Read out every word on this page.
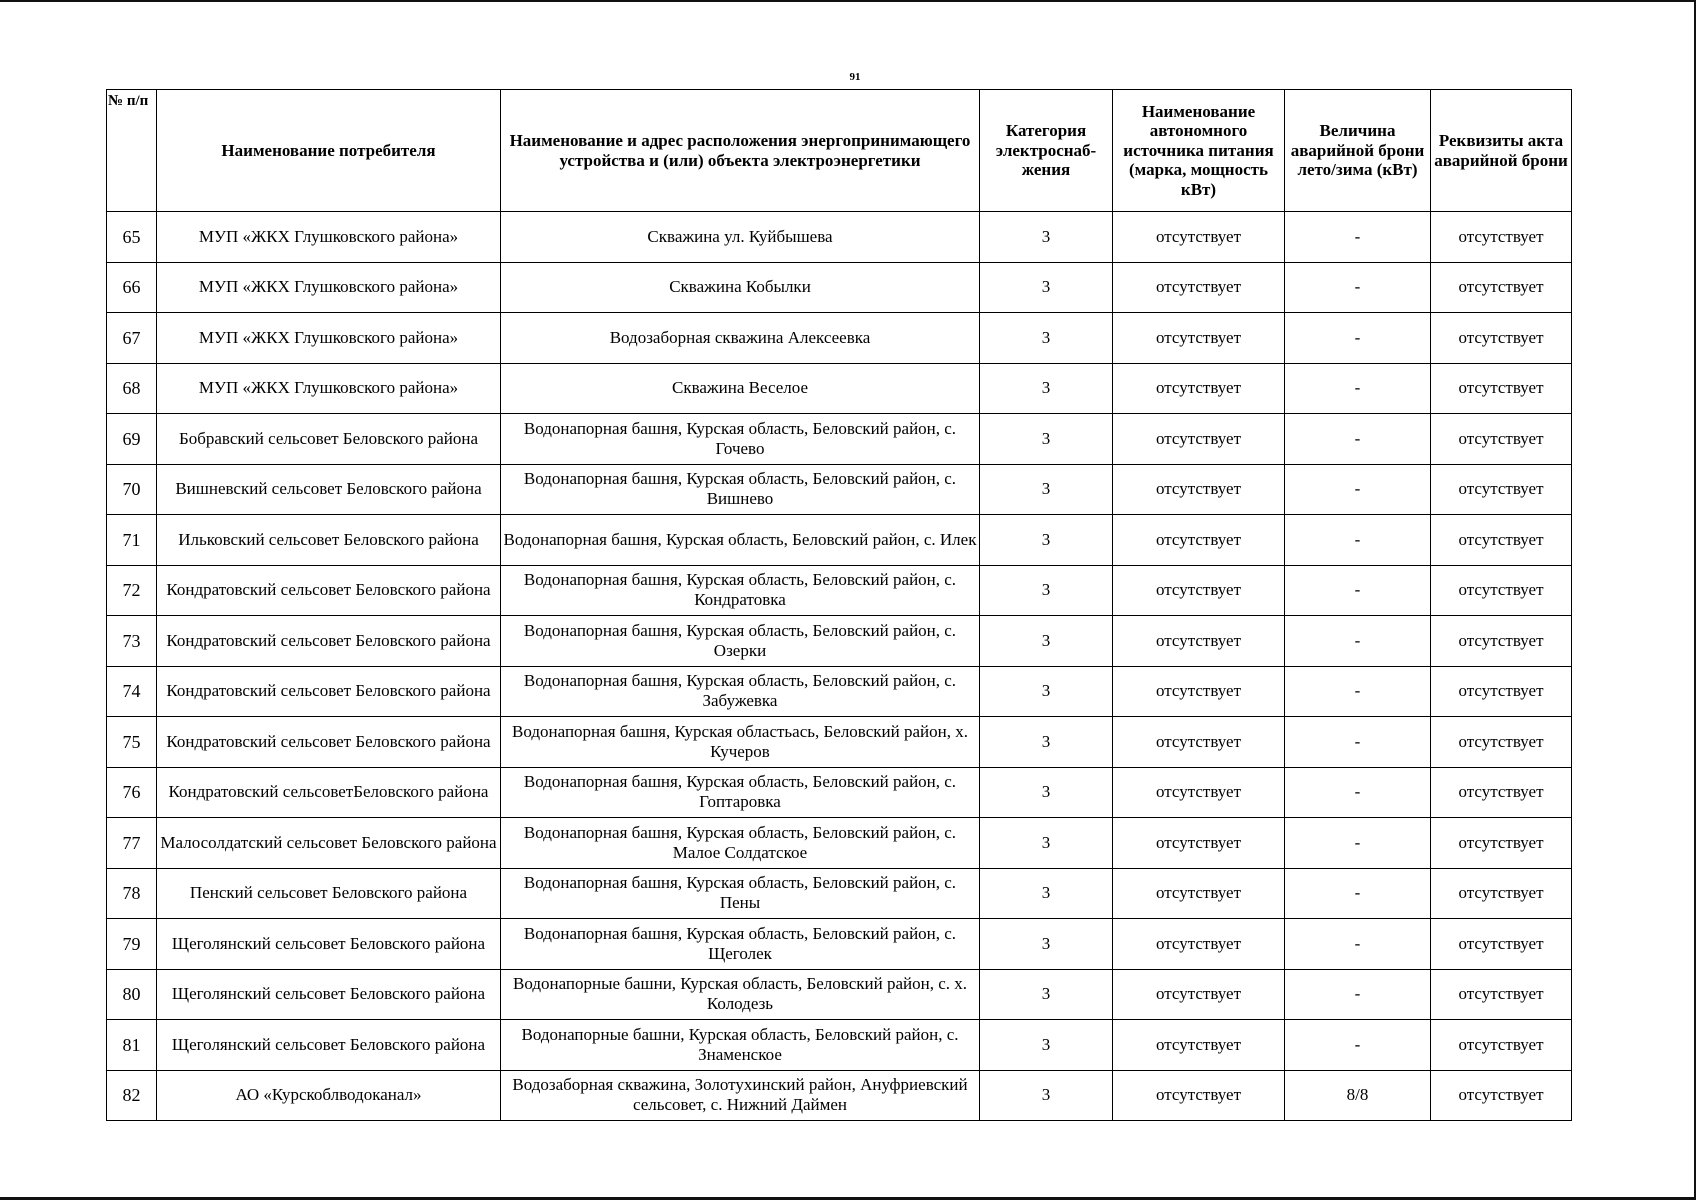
91
№ п/п	Наименование потребителя	Наименование и адрес расположения энергопринимающего устройства и (или) объекта электроэнергетики	Категория электроснаб-жения	Наименование автономного источника питания (марка, мощность кВт)	Величина аварийной брони лето/зима (кВт)	Реквизиты акта аварийной брони
65	МУП «ЖКХ Глушковского района»	Скважина ул. Куйбышева	3	отсутствует	-	отсутствует
66	МУП «ЖКХ Глушковского района»	Скважина Кобылки	3	отсутствует	-	отсутствует
67	МУП «ЖКХ Глушковского района»	Водозаборная скважина Алексеевка	3	отсутствует	-	отсутствует
68	МУП «ЖКХ Глушковского района»	Скважина Веселое	3	отсутствует	-	отсутствует
69	Бобравский сельсовет Беловского района	Водонапорная башня, Курская область, Беловский район, с. Гочево	3	отсутствует	-	отсутствует
70	Вишневский сельсовет Беловского района	Водонапорная башня, Курская область, Беловский район, с. Вишнево	3	отсутствует	-	отсутствует
71	Ильковский сельсовет Беловского района	Водонапорная башня, Курская область, Беловский район, с. Илек	3	отсутствует	-	отсутствует
72	Кондратовский сельсовет Беловского района	Водонапорная башня, Курская область, Беловский район, с. Кондратовка	3	отсутствует	-	отсутствует
73	Кондратовский сельсовет Беловского района	Водонапорная башня, Курская область, Беловский район, с. Озерки	3	отсутствует	-	отсутствует
74	Кондратовский сельсовет Беловского района	Водонапорная башня, Курская область, Беловский район, с. Забужевка	3	отсутствует	-	отсутствует
75	Кондратовский сельсовет Беловского района	Водонапорная башня, Курская областьась, Беловский район, х. Кучеров	3	отсутствует	-	отсутствует
76	Кондратовский сельсоветБеловского района	Водонапорная башня, Курская область, Беловский район, с. Гоптаровка	3	отсутствует	-	отсутствует
77	Малосолдатский сельсовет Беловского района	Водонапорная башня, Курская область, Беловский район, с. Малое Солдатское	3	отсутствует	-	отсутствует
78	Пенский сельсовет Беловского района	Водонапорная башня, Курская область, Беловский район, с. Пены	3	отсутствует	-	отсутствует
79	Щеголянский сельсовет Беловского района	Водонапорная башня, Курская область, Беловский район, с. Щеголек	3	отсутствует	-	отсутствует
80	Щеголянский сельсовет Беловского района	Водонапорные башни, Курская область, Беловский район, с. х. Колодезь	3	отсутствует	-	отсутствует
81	Щеголянский сельсовет Беловского района	Водонапорные башни, Курская область, Беловский район, с. Знаменское	3	отсутствует	-	отсутствует
82	АО «Курскоблводоканал»	Водозаборная скважина, Золотухинский район, Ануфриевский сельсовет, с. Нижний Даймен	3	отсутствует	8/8	отсутствует
